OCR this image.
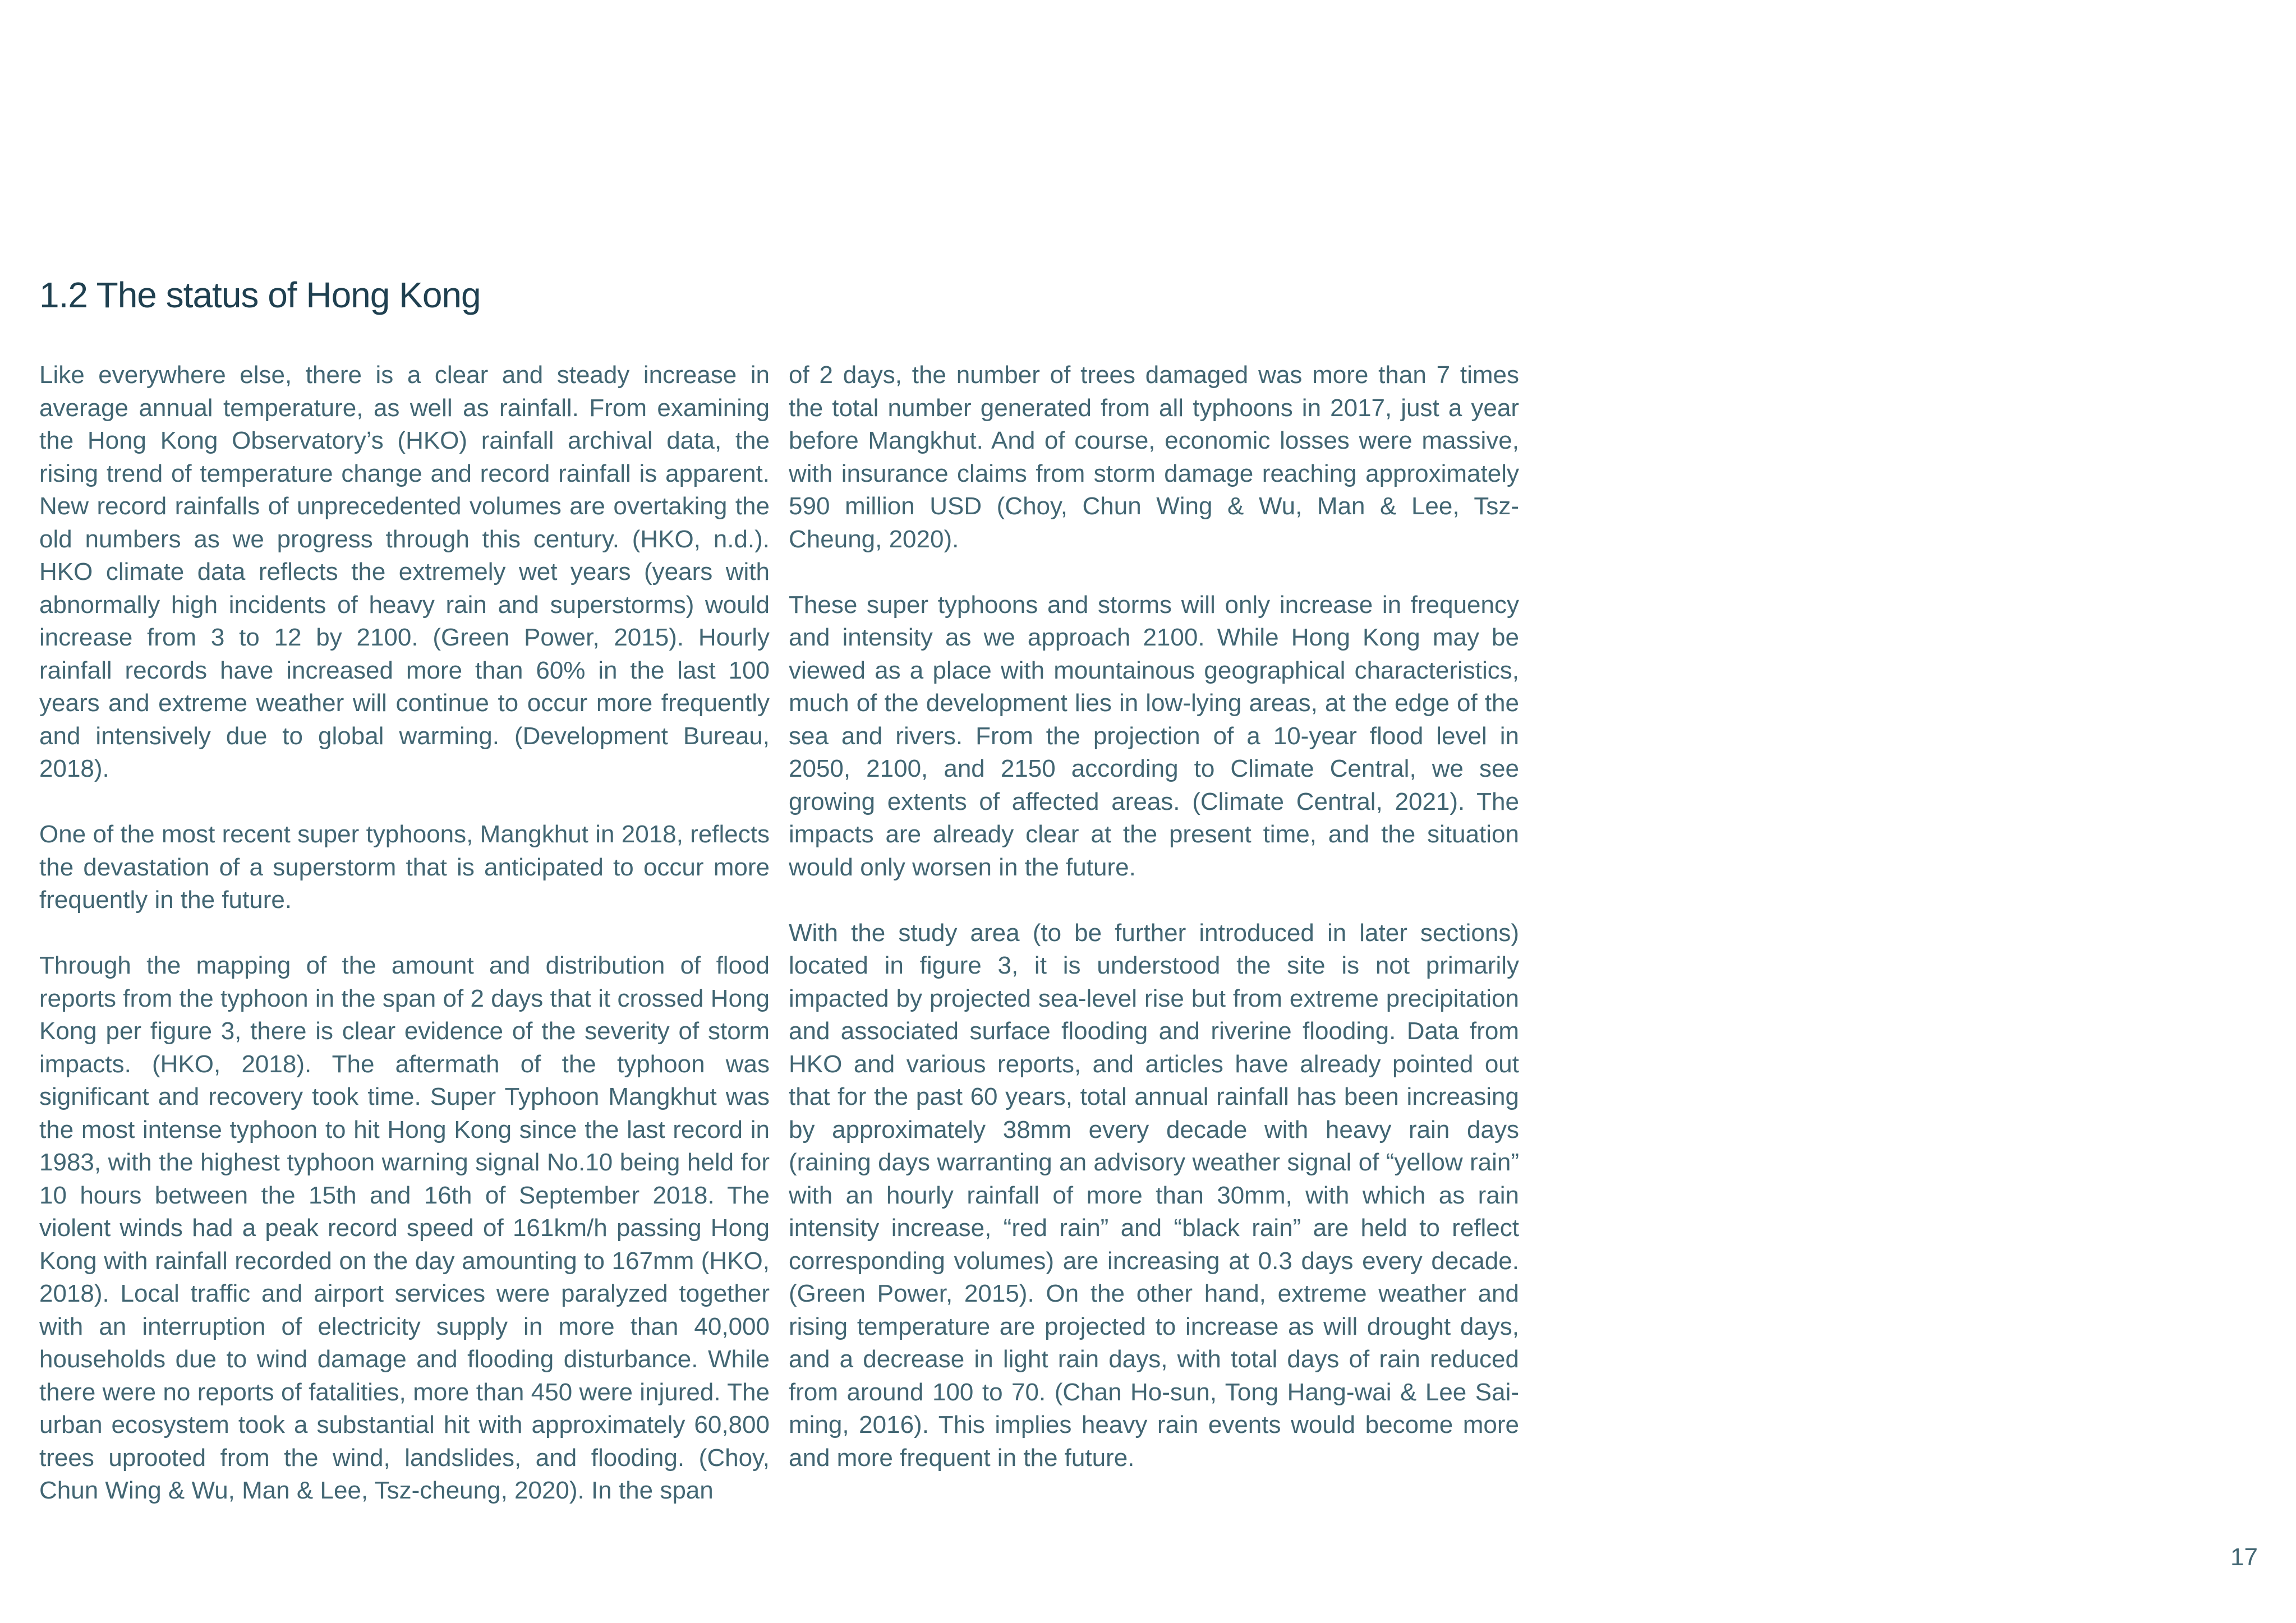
1.2 The status of Hong Kong

Like everywhere else, there is a clear and steady increase in average annual temperature, as well as rainfall. From examining the Hong Kong Observatory’s (HKO) rainfall archival data, the rising trend of temperature change and record rainfall is apparent. New record rainfalls of unprecedented volumes are overtaking the old numbers as we progress through this century. (HKO, n.d.). HKO climate data reflects the extremely wet years (years with abnormally high incidents of heavy rain and superstorms) would increase from 3 to 12 by 2100. (Green Power, 2015). Hourly rainfall records have increased more than 60% in the last 100 years and extreme weather will continue to occur more frequently and intensively due to global warming. (Development Bureau, 2018).

One of the most recent super typhoons, Mangkhut in 2018, reflects the devastation of a superstorm that is anticipated to occur more frequently in the future.

Through the mapping of the amount and distribution of flood reports from the typhoon in the span of 2 days that it crossed Hong Kong per figure 3, there is clear evidence of the severity of storm impacts. (HKO, 2018). The aftermath of the typhoon was significant and recovery took time. Super Typhoon Mangkhut was the most intense typhoon to hit Hong Kong since the last record in 1983, with the highest typhoon warning signal No.10 being held for 10 hours between the 15th and 16th of September 2018. The violent winds had a peak record speed of 161km/h passing Hong Kong with rainfall recorded on the day amounting to 167mm (HKO, 2018). Local traffic and airport services were paralyzed together with an interruption of electricity supply in more than 40,000 households due to wind damage and flooding disturbance. While there were no reports of fatalities, more than 450 were injured. The urban ecosystem took a substantial hit with approximately 60,800 trees uprooted from the wind, landslides, and flooding. (Choy, Chun Wing & Wu, Man & Lee, Tsz-cheung, 2020). In the span

of 2 days, the number of trees damaged was more than 7 times the total number generated from all typhoons in 2017, just a year before Mangkhut. And of course, economic losses were massive, with insurance claims from storm damage reaching approximately 590 million USD (Choy, Chun Wing & Wu, Man & Lee, Tsz-Cheung, 2020).

These super typhoons and storms will only increase in frequency and intensity as we approach 2100. While Hong Kong may be viewed as a place with mountainous geographical characteristics, much of the development lies in low-lying areas, at the edge of the sea and rivers. From the projection of a 10-year flood level in 2050, 2100, and 2150 according to Climate Central, we see growing extents of affected areas. (Climate Central, 2021). The impacts are already clear at the present time, and the situation would only worsen in the future.

With the study area (to be further introduced in later sections) located in figure 3, it is understood the site is not primarily impacted by projected sea-level rise but from extreme precipitation and associated surface flooding and riverine flooding. Data from HKO and various reports, and articles have already pointed out that for the past 60 years, total annual rainfall has been increasing by approximately 38mm every decade with heavy rain days (raining days warranting an advisory weather signal of “yellow rain” with an hourly rainfall of more than 30mm, with which as rain intensity increase, “red rain” and “black rain” are held to reflect corresponding volumes) are increasing at 0.3 days every decade. (Green Power, 2015). On the other hand, extreme weather and rising temperature are projected to increase as will drought days, and a decrease in light rain days, with total days of rain reduced from around 100 to 70. (Chan Ho-sun, Tong Hang-wai & Lee Sai-ming, 2016). This implies heavy rain events would become more and more frequent in the future.

17
